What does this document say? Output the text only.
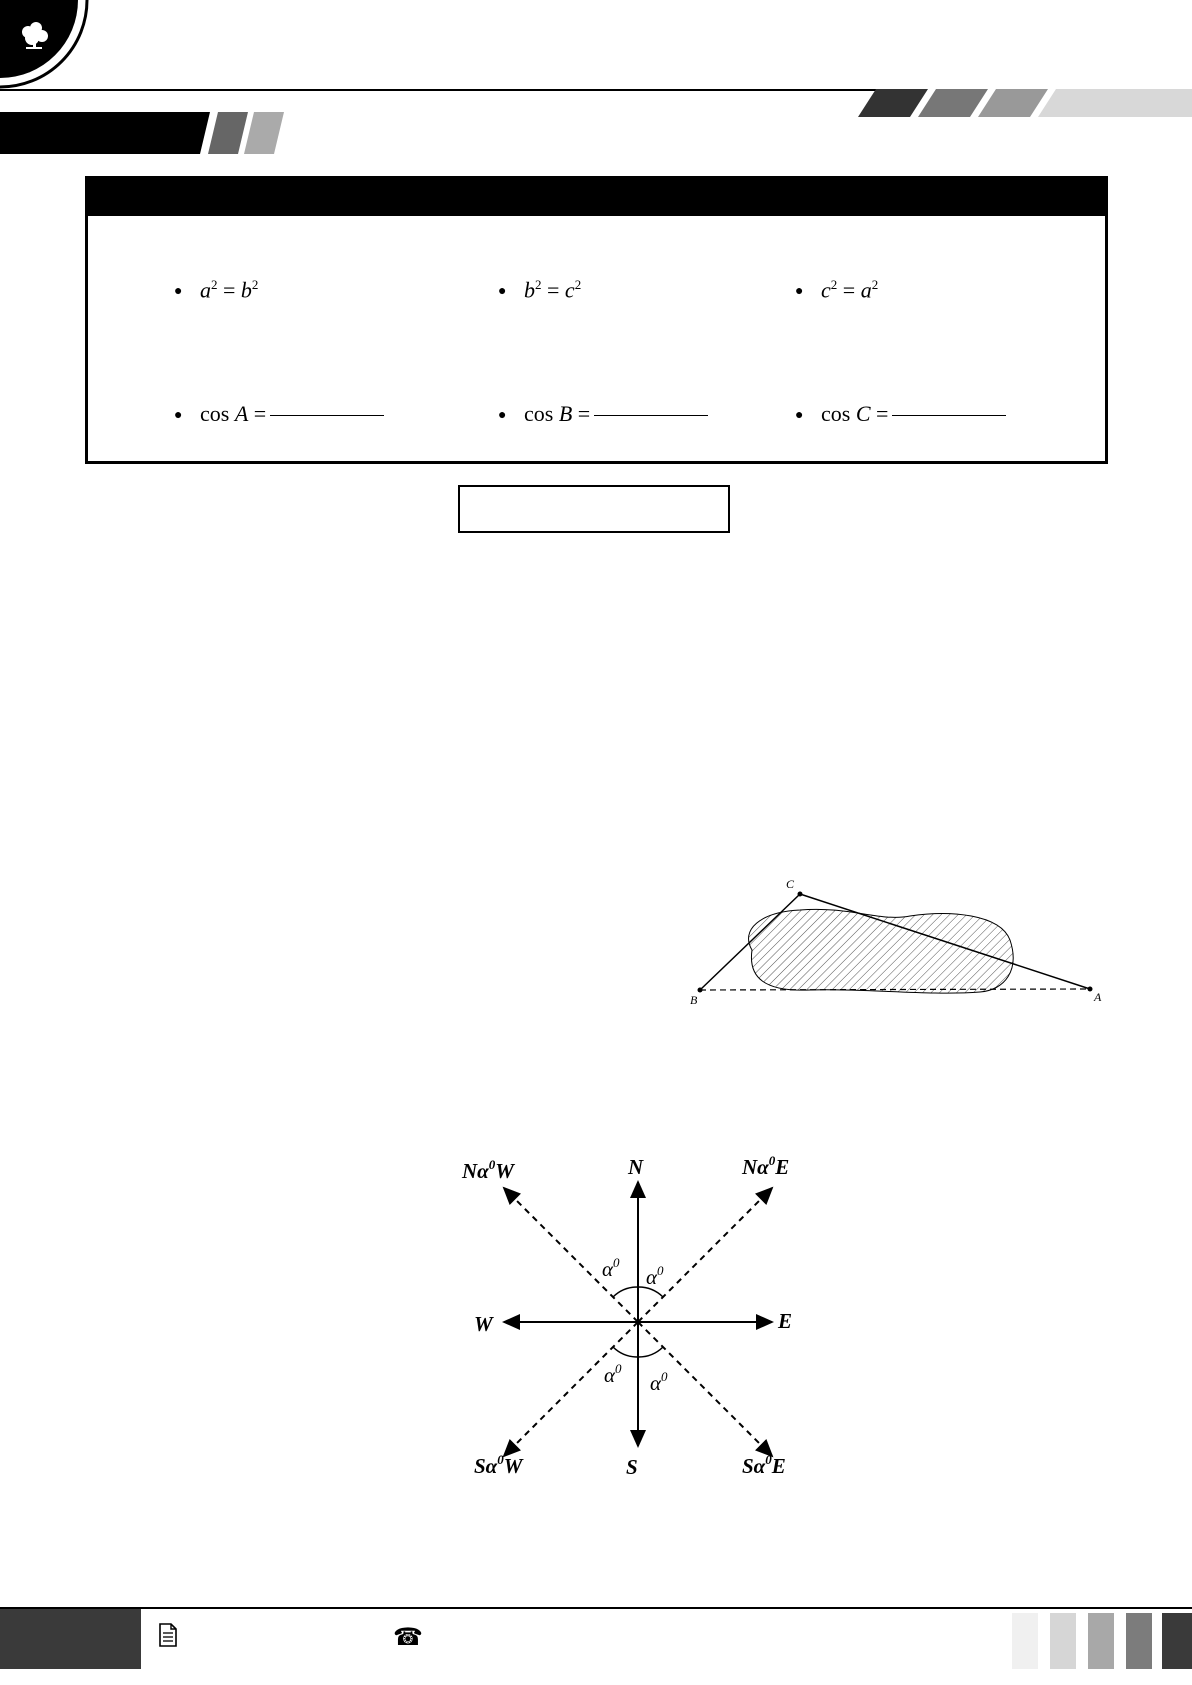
● $a^2 = b^2$	● $b^2 = c^2$	● $c^2 = a^2$
● cos A =	● cos B =	● cos C =
B
C
A
N
S
E
W
$N\alpha^0W$	$N\alpha^0E$
$S\alpha^0W$	$S\alpha^0E$
$\alpha^0$
$\alpha^0$
$\alpha^0$
$\alpha^0$
☎
